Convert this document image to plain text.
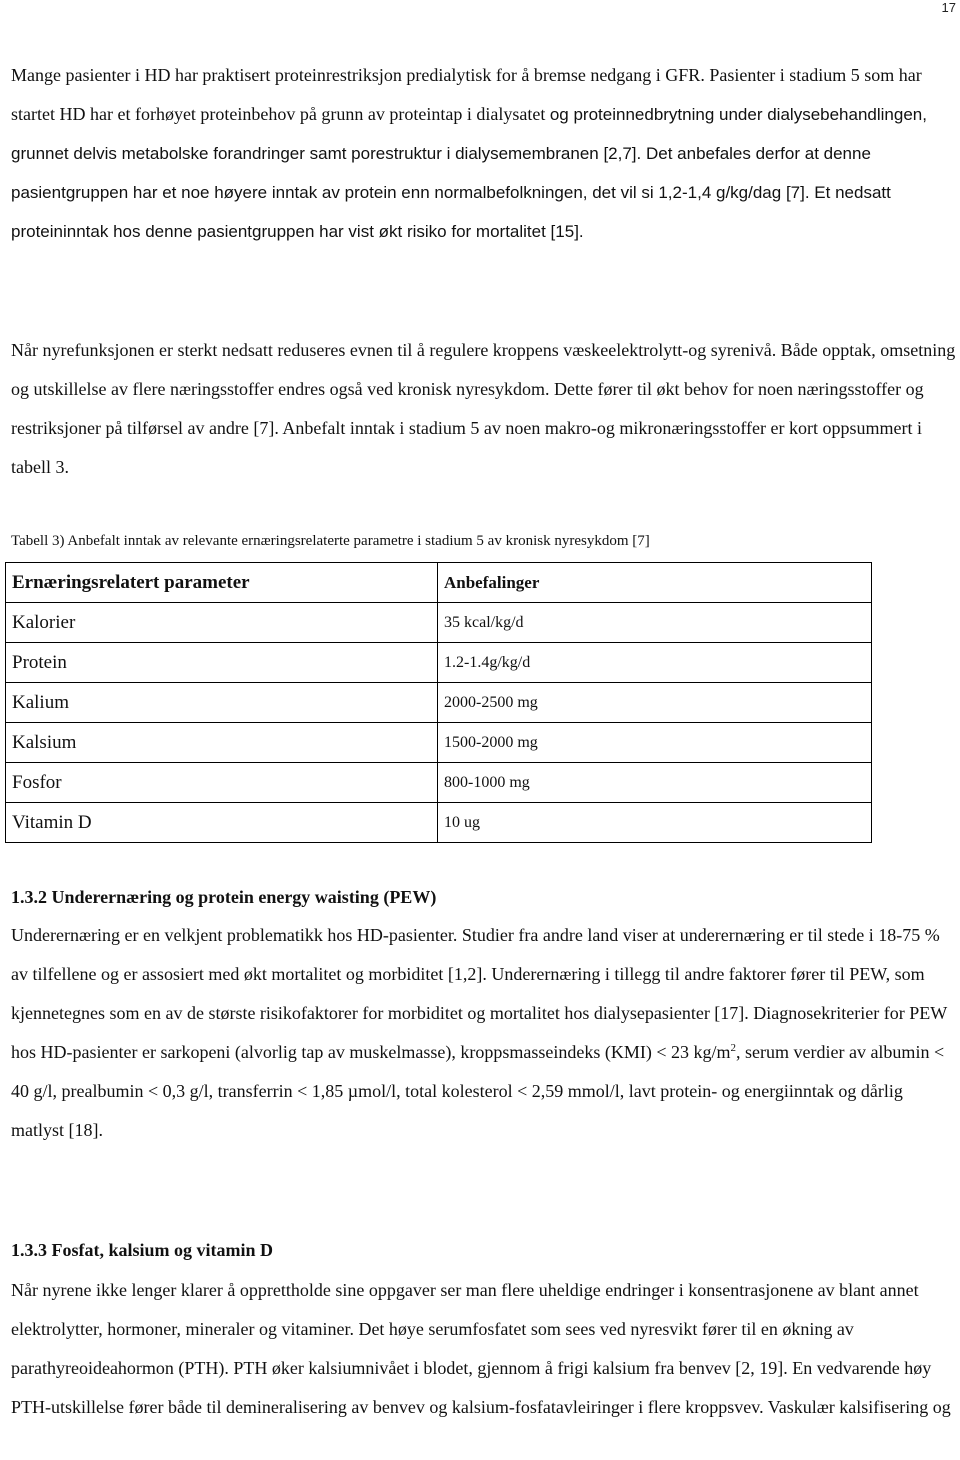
17
Mange pasienter i HD har praktisert proteinrestriksjon predialytisk for å bremse nedgang i GFR. Pasienter i stadium 5 som har startet HD har et forhøyet proteinbehov på grunn av proteintap i dialysatet og proteinnedbrytning under dialysebehandlingen, grunnet delvis metabolske forandringer samt porestruktur i dialysemembranen [2,7]. Det anbefales derfor at denne pasientgruppen har et noe høyere inntak av protein enn normalbefolkningen, det vil si 1,2-1,4 g/kg/dag [7]. Et nedsatt proteininntak hos denne pasientgruppen har vist økt risiko for mortalitet [15].
Når nyrefunksjonen er sterkt nedsatt reduseres evnen til å regulere kroppens væskeelektrolytt-og syrenivå. Både opptak, omsetning og utskillelse av flere næringsstoffer endres også ved kronisk nyresykdom. Dette fører til økt behov for noen næringsstoffer og restriksjoner på tilførsel av andre [7]. Anbefalt inntak i stadium 5 av noen makro-og mikronæringsstoffer er kort oppsummert i tabell 3.
Tabell 3) Anbefalt inntak av relevante ernæringsrelaterte parametre i stadium 5 av kronisk nyresykdom [7]
Ernæringsrelatert parameter	Anbefalinger
Kalorier	35 kcal/kg/d
Protein	1.2-1.4g/kg/d
Kalium	2000-2500 mg
Kalsium	1500-2000 mg
Fosfor	800-1000 mg
Vitamin D	10 ug
1.3.2 Underernæring og protein energy waisting (PEW)
Underernæring er en velkjent problematikk hos HD-pasienter. Studier fra andre land viser at underernæring er til stede i 18-75 % av tilfellene og er assosiert med økt mortalitet og morbiditet [1,2]. Underernæring i tillegg til andre faktorer fører til PEW, som kjennetegnes som en av de største risikofaktorer for morbiditet og mortalitet hos dialysepasienter [17]. Diagnosekriterier for PEW hos HD-pasienter er sarkopeni (alvorlig tap av muskelmasse), kroppsmasseindeks (KMI) < 23 $kg/m^2$, serum verdier av albumin < 40 g/l, prealbumin < 0,3 g/l, transferrin < 1,85 µmol/l, total kolesterol < 2,59 mmol/l, lavt protein- og energiinntak og dårlig matlyst [18].
1.3.3 Fosfat, kalsium og vitamin D
Når nyrene ikke lenger klarer å opprettholde sine oppgaver ser man flere uheldige endringer i konsentrasjonene av blant annet elektrolytter, hormoner, mineraler og vitaminer. Det høye serumfosfatet som sees ved nyresvikt fører til en økning av parathyreoideahormon (PTH). PTH øker kalsiumnivået i blodet, gjennom å frigi kalsium fra benvev [2, 19]. En vedvarende høy PTH-utskillelse fører både til demineralisering av benvev og kalsium-fosfatavleiringer i flere kroppsvev. Vaskulær kalsifisering og
